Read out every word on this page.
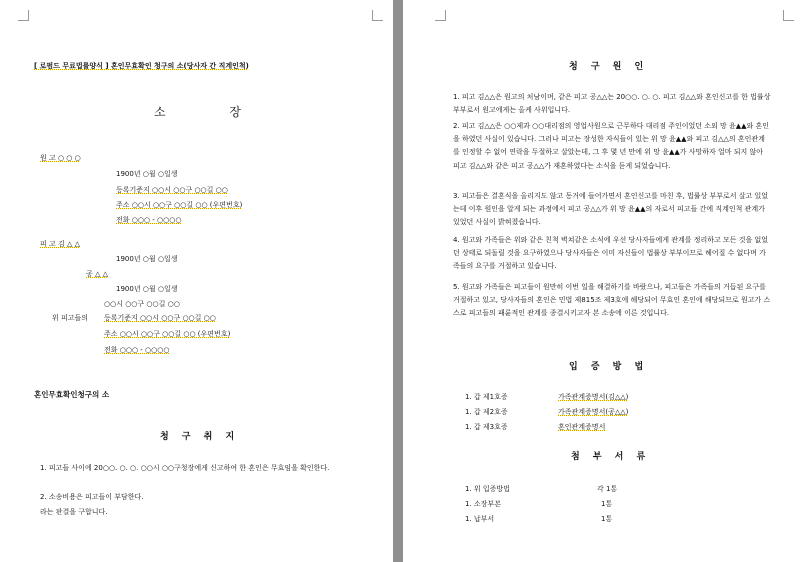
[ 로펌드 무료법률양식 ] 혼인무효확인 청구의 소(당사자 간 직계인척)
소 장
원 고 ○ ○ ○
1900년 ○월 ○일생
등록기준지 ○○시 ○○구 ○○길 ○○
주소 ○○시 ○○구 ○○길 ○○ (우편번호)
전화 ○○○ - ○○○○
피 고 김 △ △
1900년 ○월 ○일생
공 △ △
1900년 ○월 ○일생
○○시 ○○구 ○○길 ○○
위 피고들의 등록기준지 ○○시 ○○구 ○○길 ○○
주소 ○○시 ○○구 ○○길 ○○ (우편번호)
전화 ○○○ - ○○○○
혼인무효확인청구의 소
청 구 취 지
1. 피고들 사이에 20○○. ○. ○. ○○시 ○○구청장에게 신고하여 한 혼인은 무효임을 확인한다.
2. 소송비용은 피고들이 부담한다.
라는 판결을 구합니다.
청 구 원 인
1. 피고 김△△은 원고의 처남이며, 같은 피고 공△△는 20○○. ○. ○. 피고 김△△와 혼인신고를 한 법률상 부부로서 원고에게는 올케 사위입니다.
2. 피고 김△△은 ○○제과 ○○대리점의 영업사원으로 근무하다 대리점 주인이었던 소외 망 윤▲▲와 혼인을 하였던 사실이 있습니다. 그러나 피고는 장성한 자식들이 있는 위 망 윤▲▲와 피고 김△△의 혼인관계를 인정할 수 없어 연락을 두절하고 살았는데, 그 후 몇 년 만에 위 망 윤▲▲가 사망하자 얼마 되지 않아 피고 김△△와 같은 피고 공△△가 재혼하였다는 소식을 듣게 되었습니다.
3. 피고들은 결혼식을 올리지도 않고 동거에 들어가면서 혼인신고를 마친 후, 법률상 부부로서 살고 있었는데 이후 원인을 알게 되는 과정에서 피고 공△△가 위 망 윤▲▲의 자로서 피고들 간에 직계인척 관계가 있었던 사실이 밝혀졌습니다.
4. 원고와 가족들은 위와 같은 친척 벽쳐같은 소식에 우선 당사자들에게 관계를 정리하고 모든 것을 없었던 상태로 되돌릴 것을 요구하였으나 당사자들은 이미 자신들이 법률상 부부이므로 헤어질 수 없다며 가족들의 요구를 거절하고 있습니다.
5. 원고와 가족들은 피고들이 원만히 이번 일을 해결하기를 바랐으나, 피고들은 가족들의 거듭된 요구를 거절하고 있고, 당사자들의 혼인은 민법 제815조 제3호에 해당되어 무효인 혼인에 해당되므로 원고가 스스로 피고들의 패륜적인 관계를 종결시키고자 본 소송에 이른 것입니다.
입 증 방 법
1. 갑 제1호증	가족관계증명서(김△△)
1. 갑 제2호증	가족관계증명서(공△△)
1. 갑 제3호증	혼인관계증명서
첨 부 서 류
1. 위 입증방법	각 1통
1. 소장부본	1통
1. 납부서	1통
